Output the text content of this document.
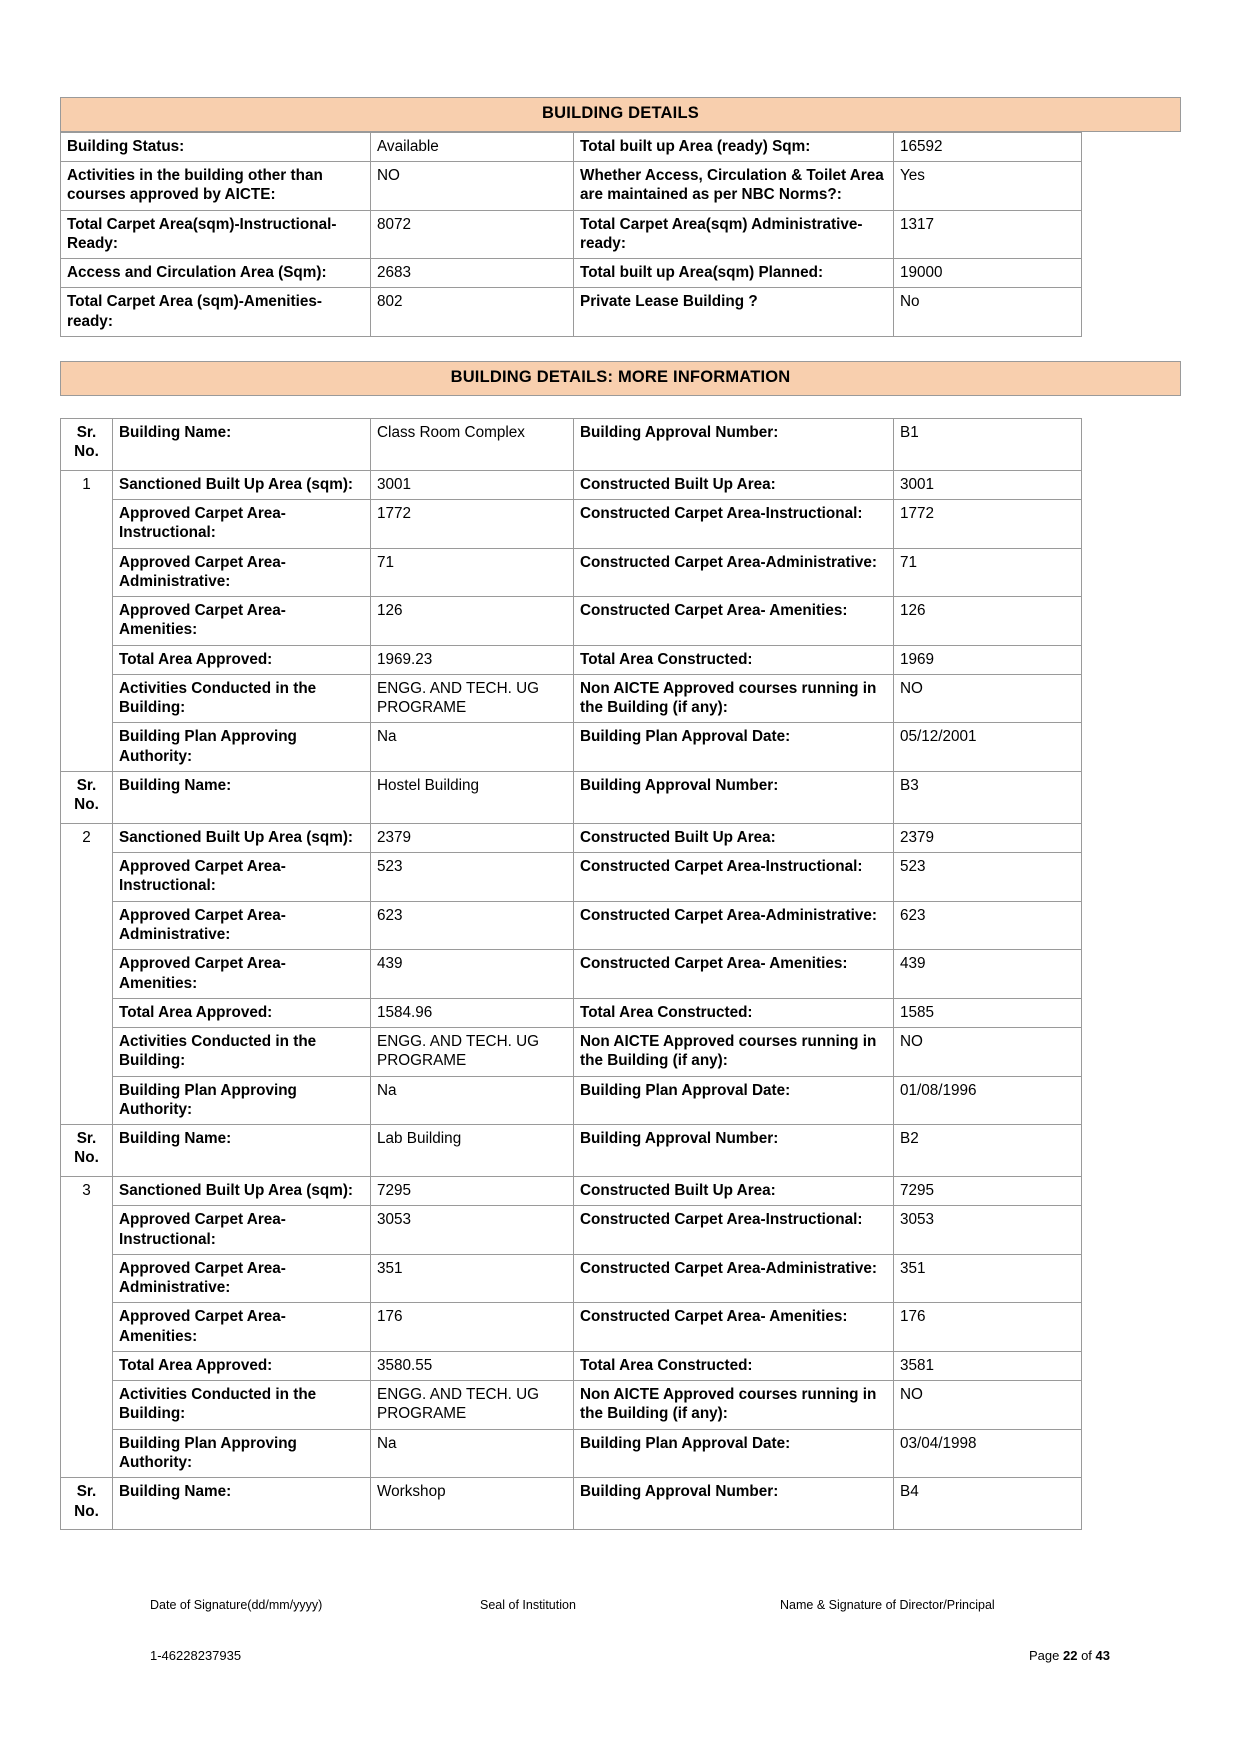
BUILDING DETAILS
Building Status:	Available	Total built up Area (ready) Sqm:	16592
Activities in the building other than courses approved by AICTE:	NO	Whether Access, Circulation & Toilet Area are maintained as per NBC Norms?:	Yes
Total Carpet Area(sqm)-Instructional-Ready:	8072	Total Carpet Area(sqm) Administrative-ready:	1317
Access and Circulation Area (Sqm):	2683	Total built up Area(sqm) Planned:	19000
Total Carpet Area (sqm)-Amenities-ready:	802	Private Lease Building ?	No
BUILDING DETAILS: MORE INFORMATION
Sr.
No.	Building Name:	Class Room Complex	Building Approval Number:	B1
1	Sanctioned Built Up Area (sqm):	3001	Constructed Built Up Area:	3001
	Approved Carpet Area-Instructional:	1772	Constructed Carpet Area-Instructional:	1772
	Approved Carpet Area-Administrative:	71	Constructed Carpet Area-Administrative:	71
	Approved Carpet Area-Amenities:	126	Constructed Carpet Area- Amenities:	126
	Total Area Approved:	1969.23	Total Area Constructed:	1969
	Activities Conducted in the Building:	ENGG. AND TECH. UG PROGRAME	Non AICTE Approved courses running in the Building (if any):	NO
	Building Plan Approving Authority:	Na	Building Plan Approval Date:	05/12/2001

Sr.
No.	Building Name:	Hostel Building	Building Approval Number:	B3
2	Sanctioned Built Up Area (sqm):	2379	Constructed Built Up Area:	2379
	Approved Carpet Area-Instructional:	523	Constructed Carpet Area-Instructional:	523
	Approved Carpet Area-Administrative:	623	Constructed Carpet Area-Administrative:	623
	Approved Carpet Area-Amenities:	439	Constructed Carpet Area- Amenities:	439
	Total Area Approved:	1584.96	Total Area Constructed:	1585
	Activities Conducted in the Building:	ENGG. AND TECH. UG PROGRAME	Non AICTE Approved courses running in the Building (if any):	NO
	Building Plan Approving Authority:	Na	Building Plan Approval Date:	01/08/1996

Sr.
No.	Building Name:	Lab Building	Building Approval Number:	B2
3	Sanctioned Built Up Area (sqm):	7295	Constructed Built Up Area:	7295
	Approved Carpet Area-Instructional:	3053	Constructed Carpet Area-Instructional:	3053
	Approved Carpet Area-Administrative:	351	Constructed Carpet Area-Administrative:	351
	Approved Carpet Area-Amenities:	176	Constructed Carpet Area- Amenities:	176
	Total Area Approved:	3580.55	Total Area Constructed:	3581
	Activities Conducted in the Building:	ENGG. AND TECH. UG PROGRAME	Non AICTE Approved courses running in the Building (if any):	NO
	Building Plan Approving Authority:	Na	Building Plan Approval Date:	03/04/1998

Sr.
No.	Building Name:	Workshop	Building Approval Number:	B4
Date of Signature(dd/mm/yyyy)	Seal of Institution	Name & Signature of Director/Principal
1-46228237935	Page 22 of 43
